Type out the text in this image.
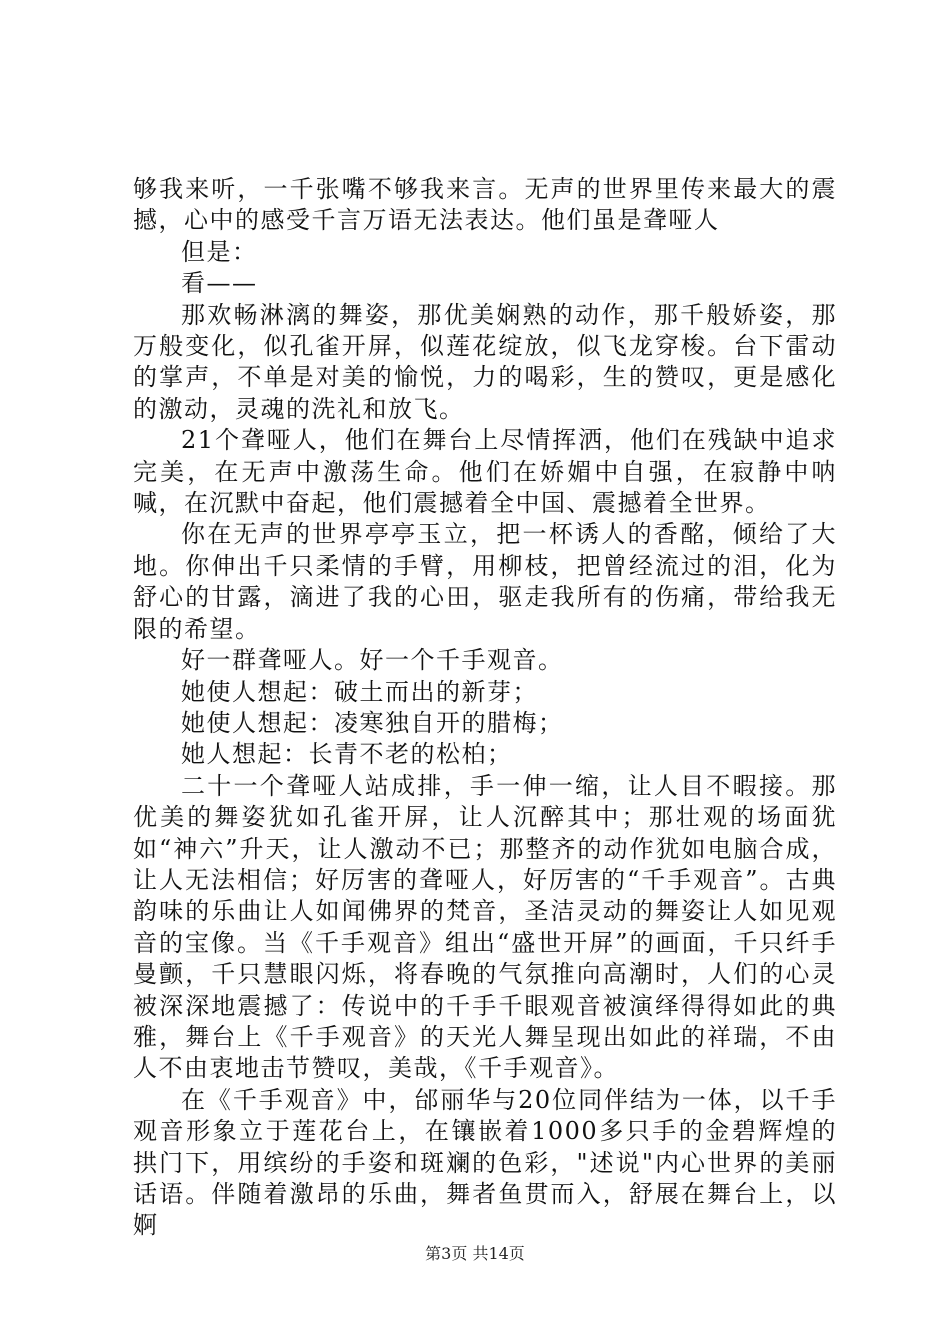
够我来听，一千张嘴不够我来言。无声的世界里传来最大的震撼，心中的感受千言万语无法表达。他们虽是聋哑人

但是：

看——

那欢畅淋漓的舞姿，那优美娴熟的动作，那千般娇姿，那万般变化，似孔雀开屏，似莲花绽放，似飞龙穿梭。台下雷动的掌声，不单是对美的愉悦，力的喝彩，生的赞叹，更是感化的激动，灵魂的洗礼和放飞。

21个聋哑人，他们在舞台上尽情挥洒，他们在残缺中追求完美，在无声中激荡生命。他们在娇媚中自强，在寂静中呐喊，在沉默中奋起，他们震撼着全中国、震撼着全世界。

你在无声的世界亭亭玉立，把一杯诱人的香酩，倾给了大地。你伸出千只柔情的手臂，用柳枝，把曾经流过的泪，化为舒心的甘露，滴进了我的心田，驱走我所有的伤痛，带给我无限的希望。

好一群聋哑人。好一个千手观音。

她使人想起：破土而出的新芽；

她使人想起：凌寒独自开的腊梅；

她人想起：长青不老的松柏；

二十一个聋哑人站成排，手一伸一缩，让人目不暇接。那优美的舞姿犹如孔雀开屏，让人沉醉其中；那壮观的场面犹如“神六”升天，让人激动不已；那整齐的动作犹如电脑合成，让人无法相信；好厉害的聋哑人，好厉害的“千手观音”。古典韵味的乐曲让人如闻佛界的梵音，圣洁灵动的舞姿让人如见观音的宝像。当《千手观音》组出“盛世开屏”的画面，千只纤手曼颤，千只慧眼闪烁，将春晚的气氛推向高潮时，人们的心灵被深深地震撼了：传说中的千手千眼观音被演绎得得如此的典雅，舞台上《千手观音》的天光人舞呈现出如此的祥瑞，不由人不由衷地击节赞叹，美哉，《千手观音》。

在《千手观音》中，邰丽华与20位同伴结为一体，以千手观音形象立于莲花台上，在镶嵌着1000多只手的金碧辉煌的拱门下，用缤纷的手姿和斑斓的色彩，"述说"内心世界的美丽话语。伴随着激昂的乐曲，舞者鱼贯而入，舒展在舞台上，以婀

第3页 共14页
